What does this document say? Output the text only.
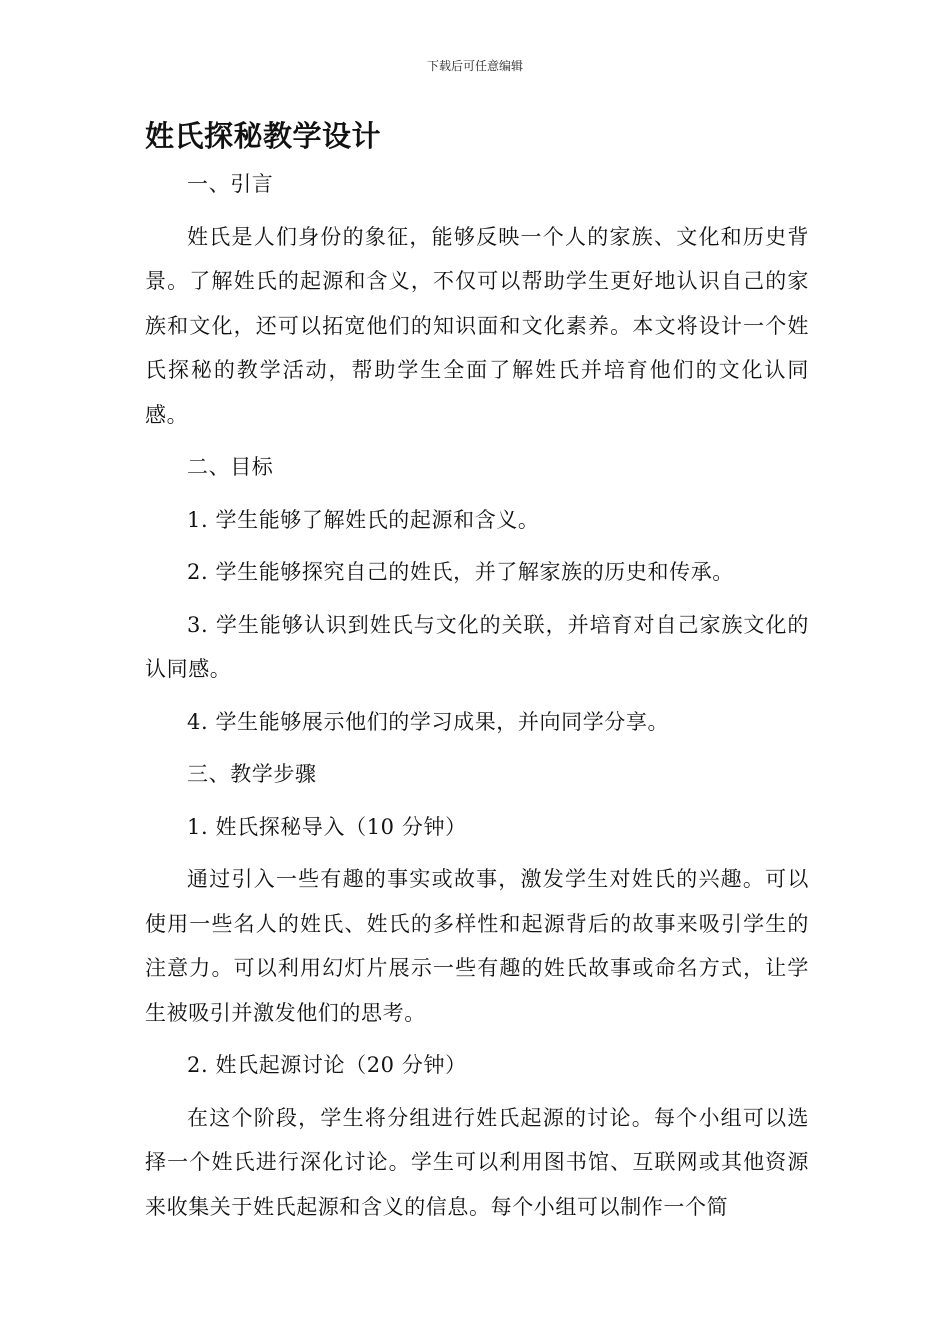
下载后可任意编辑
姓氏探秘教学设计

一、引言

姓氏是人们身份的象征，能够反映一个人的家族、文化和历史背景。了解姓氏的起源和含义，不仅可以帮助学生更好地认识自己的家族和文化，还可以拓宽他们的知识面和文化素养。本文将设计一个姓氏探秘的教学活动，帮助学生全面了解姓氏并培育他们的文化认同感。

二、目标

1. 学生能够了解姓氏的起源和含义。

2. 学生能够探究自己的姓氏，并了解家族的历史和传承。

3. 学生能够认识到姓氏与文化的关联，并培育对自己家族文化的认同感。

4. 学生能够展示他们的学习成果，并向同学分享。

三、教学步骤

1. 姓氏探秘导入（10 分钟）

通过引入一些有趣的事实或故事，激发学生对姓氏的兴趣。可以使用一些名人的姓氏、姓氏的多样性和起源背后的故事来吸引学生的注意力。可以利用幻灯片展示一些有趣的姓氏故事或命名方式，让学生被吸引并激发他们的思考。

2. 姓氏起源讨论（20 分钟）

在这个阶段，学生将分组进行姓氏起源的讨论。每个小组可以选择一个姓氏进行深化讨论。学生可以利用图书馆、互联网或其他资源来收集关于姓氏起源和含义的信息。每个小组可以制作一个简
